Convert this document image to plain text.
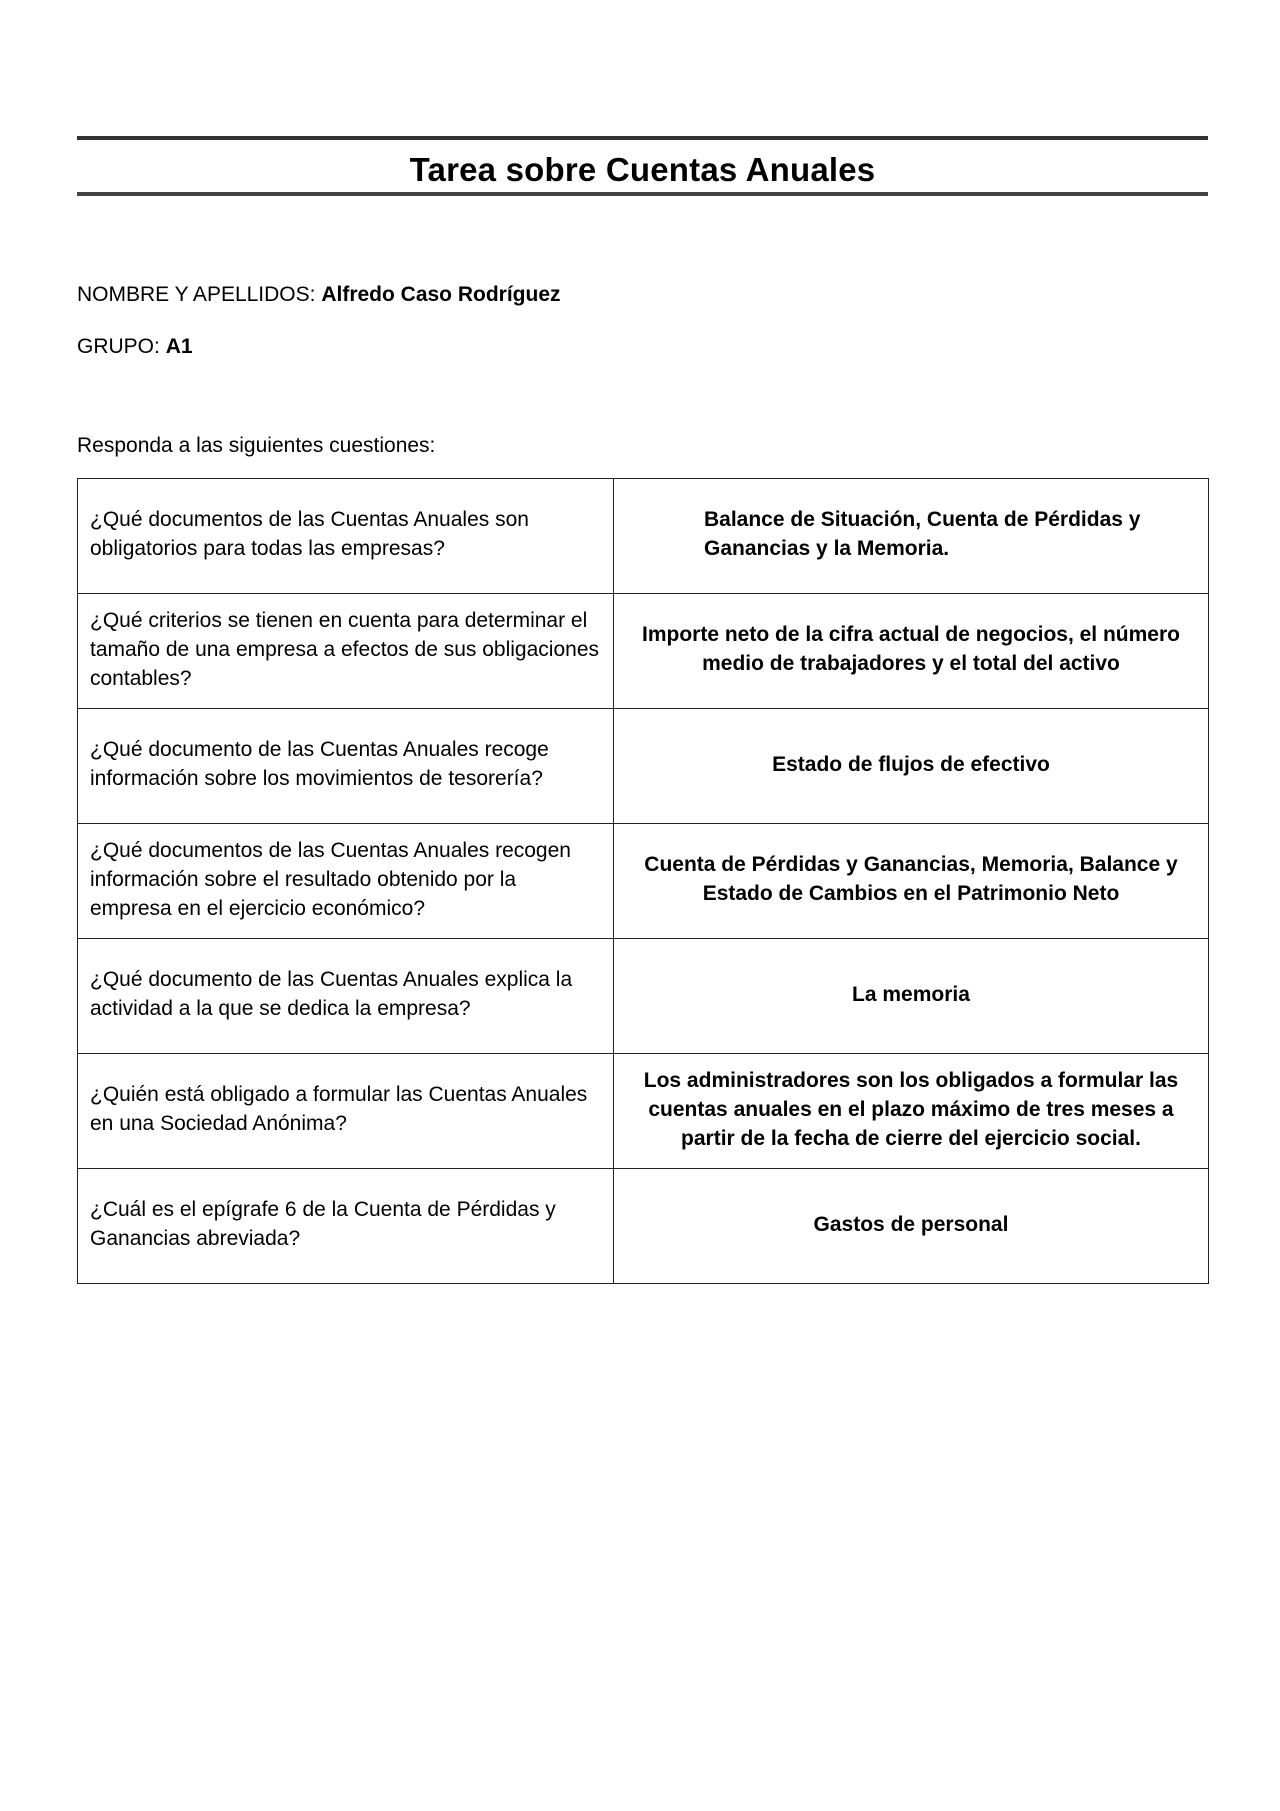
Tarea sobre Cuentas Anuales
NOMBRE Y APELLIDOS: Alfredo Caso Rodríguez
GRUPO: A1
Responda a las siguientes cuestiones:
¿Qué documentos de las Cuentas Anuales son obligatorios para todas las empresas?	Balance de Situación, Cuenta de Pérdidas y Ganancias y la Memoria.
¿Qué criterios se tienen en cuenta para determinar el tamaño de una empresa a efectos de sus obligaciones contables?	Importe neto de la cifra actual de negocios, el número medio de trabajadores y el total del activo
¿Qué documento de las Cuentas Anuales recoge información sobre los movimientos de tesorería?	Estado de flujos de efectivo
¿Qué documentos de las Cuentas Anuales recogen información sobre el resultado obtenido por la empresa en el ejercicio económico?	Cuenta de Pérdidas y Ganancias, Memoria, Balance y Estado de Cambios en el Patrimonio Neto
¿Qué documento de las Cuentas Anuales explica la actividad a la que se dedica la empresa?	La memoria
¿Quién está obligado a formular las Cuentas Anuales en una Sociedad Anónima?	Los administradores son los obligados a formular las cuentas anuales en el plazo máximo de tres meses a partir de la fecha de cierre del ejercicio social.
¿Cuál es el epígrafe 6 de la Cuenta de Pérdidas y Ganancias abreviada?	Gastos de personal
